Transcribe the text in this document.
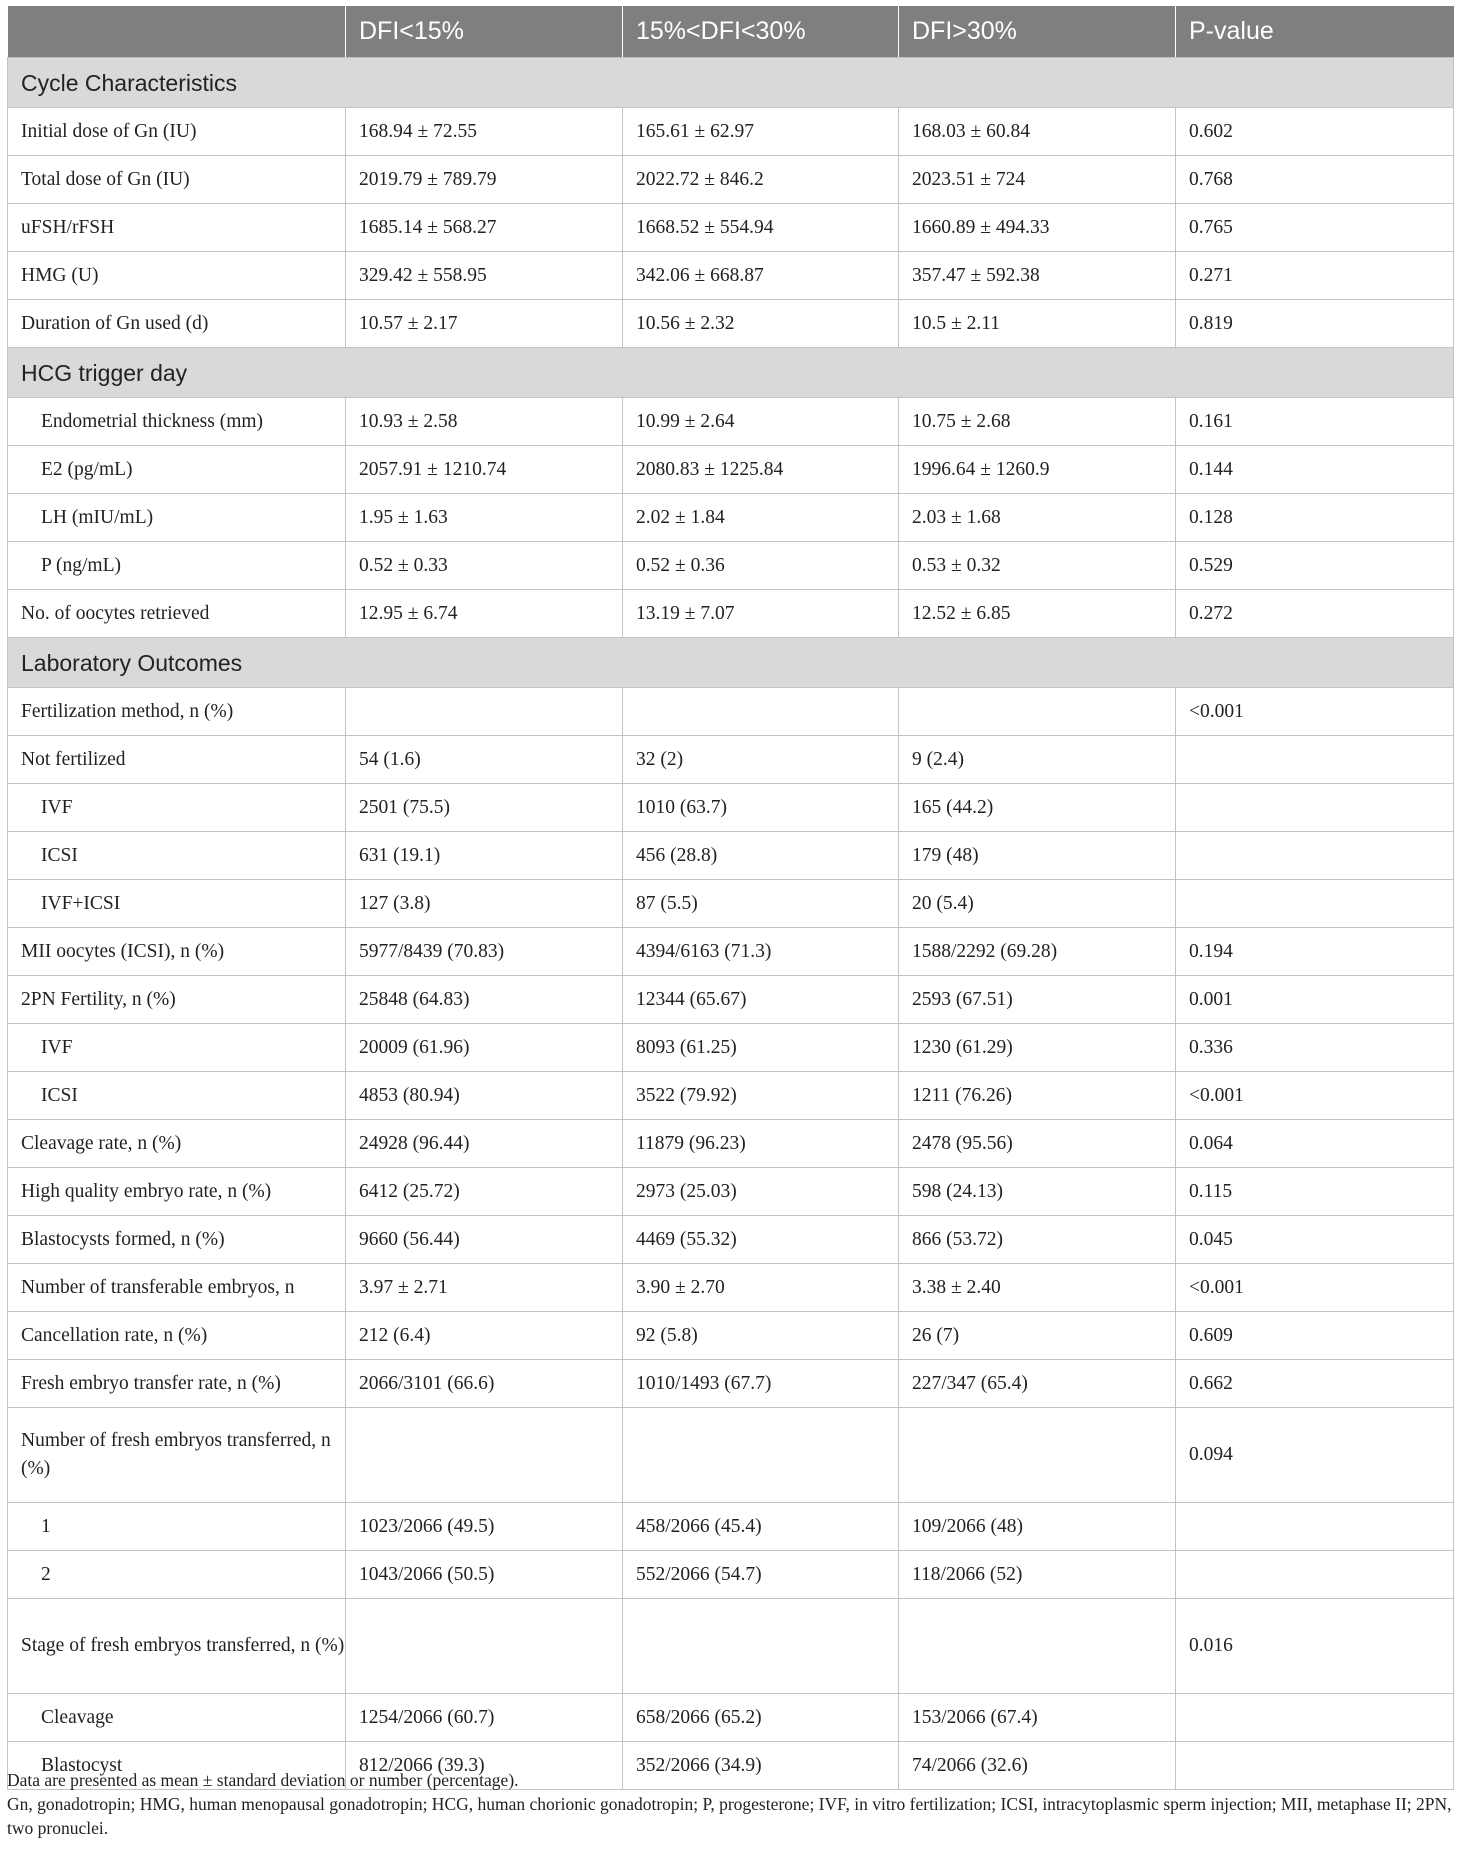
	DFI<15%	15%<DFI<30%	DFI>30%	P-value
Cycle Characteristics				
Initial dose of Gn (IU)	168.94 ± 72.55	165.61 ± 62.97	168.03 ± 60.84	0.602
Total dose of Gn (IU)	2019.79 ± 789.79	2022.72 ± 846.2	2023.51 ± 724	0.768
uFSH/rFSH	1685.14 ± 568.27	1668.52 ± 554.94	1660.89 ± 494.33	0.765
HMG (U)	329.42 ± 558.95	342.06 ± 668.87	357.47 ± 592.38	0.271
Duration of Gn used (d)	10.57 ± 2.17	10.56 ± 2.32	10.5 ± 2.11	0.819
HCG trigger day				
Endometrial thickness (mm)	10.93 ± 2.58	10.99 ± 2.64	10.75 ± 2.68	0.161
E2 (pg/mL)	2057.91 ± 1210.74	2080.83 ± 1225.84	1996.64 ± 1260.9	0.144
LH (mIU/mL)	1.95 ± 1.63	2.02 ± 1.84	2.03 ± 1.68	0.128
P (ng/mL)	0.52 ± 0.33	0.52 ± 0.36	0.53 ± 0.32	0.529
No. of oocytes retrieved	12.95 ± 6.74	13.19 ± 7.07	12.52 ± 6.85	0.272
Laboratory Outcomes				
Fertilization method, n (%)				<0.001
Not fertilized	54 (1.6)	32 (2)	9 (2.4)	
IVF	2501 (75.5)	1010 (63.7)	165 (44.2)	
ICSI	631 (19.1)	456 (28.8)	179 (48)	
IVF+ICSI	127 (3.8)	87 (5.5)	20 (5.4)	
MII oocytes (ICSI), n (%)	5977/8439 (70.83)	4394/6163 (71.3)	1588/2292 (69.28)	0.194
2PN Fertility, n (%)	25848 (64.83)	12344 (65.67)	2593 (67.51)	0.001
IVF	20009 (61.96)	8093 (61.25)	1230 (61.29)	0.336
ICSI	4853 (80.94)	3522 (79.92)	1211 (76.26)	<0.001
Cleavage rate, n (%)	24928 (96.44)	11879 (96.23)	2478 (95.56)	0.064
High quality embryo rate, n (%)	6412 (25.72)	2973 (25.03)	598 (24.13)	0.115
Blastocysts formed, n (%)	9660 (56.44)	4469 (55.32)	866 (53.72)	0.045
Number of transferable embryos, n	3.97 ± 2.71	3.90 ± 2.70	3.38 ± 2.40	<0.001
Cancellation rate, n (%)	212 (6.4)	92 (5.8)	26 (7)	0.609
Fresh embryo transfer rate, n (%)	2066/3101 (66.6)	1010/1493 (67.7)	227/347 (65.4)	0.662
Number of fresh embryos transferred, n (%)				0.094
1	1023/2066 (49.5)	458/2066 (45.4)	109/2066 (48)	
2	1043/2066 (50.5)	552/2066 (54.7)	118/2066 (52)	
Stage of fresh embryos transferred, n (%)				0.016
Cleavage	1254/2066 (60.7)	658/2066 (65.2)	153/2066 (67.4)	
Blastocyst	812/2066 (39.3)	352/2066 (34.9)	74/2066 (32.6)	

Data are presented as mean ± standard deviation or number (percentage).

Gn, gonadotropin; HMG, human menopausal gonadotropin; HCG, human chorionic gonadotropin; P, progesterone; IVF, in vitro fertilization; ICSI, intracytoplasmic sperm injection; MII, metaphase II; 2PN, two pronuclei.
